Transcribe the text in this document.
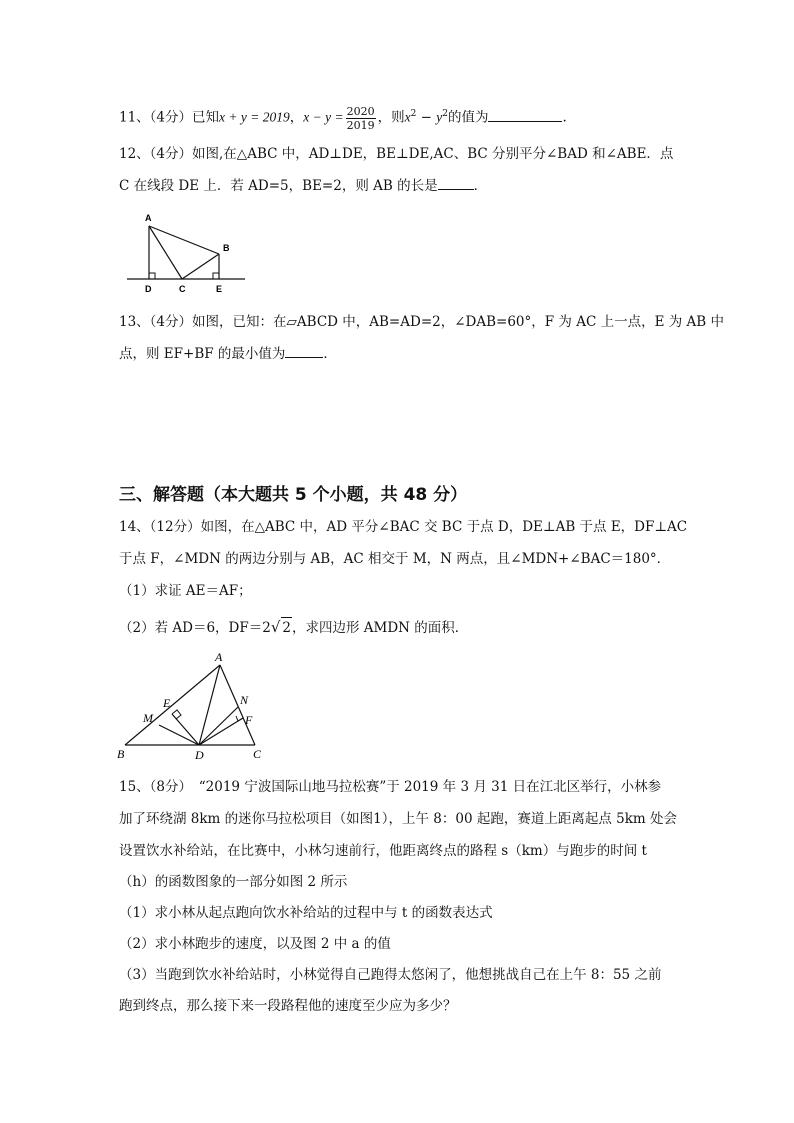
11、（4分）已知x + y = 2019，$x - y = \frac{2020}{2019}$ ，则$x^2 - y^2$的值为	.
12、（4分）如图,在△ABC 中，AD⊥DE，BE⊥DE,AC、BC 分别平分∠BAD 和∠ABE．点
C 在线段 DE 上．若 AD=5，BE=2，则 AB 的长是	．
A
B
C
D	E
13、（4分）如图，已知：在▱ABCD 中，AB=AD=2，∠DAB=60°，F 为 AC 上一点，E 为 AB 中
点，则 EF+BF 的最小值为	．
三、解答题（本大题共 5 个小题，共 48 分）
14、（12分）如图，在△ABC 中，AD 平分∠BAC 交 BC 于点 D，DE⊥AB 于点 E，DF⊥AC
于点 F，∠MDN 的两边分别与 AB，AC 相交于 M，N 两点，且∠MDN+∠BAC＝180°．
（1）求证 AE＝AF；
（2）若 AD＝6，DF＝2√ 2，求四边形 AMDN 的面积．
A
B	C
D
E
F
M
N
15、（8分）　“2019 宁波国际山地马拉松赛”于 2019 年 3 月 31 日在江北区举行，小林参
加了环绕湖 8km 的迷你马拉松项目（如图1），上午 8：00 起跑，赛道上距离起点 5km 处会
设置饮水补给站，在比赛中，小林匀速前行，他距离终点的路程 s（km）与跑步的时间 t
（h）的函数图象的一部分如图 2 所示
（1）求小林从起点跑向饮水补给站的过程中与 t 的函数表达式
（2）求小林跑步的速度，以及图 2 中 a 的值
（3）当跑到饮水补给站时，小林觉得自己跑得太悠闲了，他想挑战自己在上午 8：55 之前
跑到终点，那么接下来一段路程他的速度至少应为多少？
